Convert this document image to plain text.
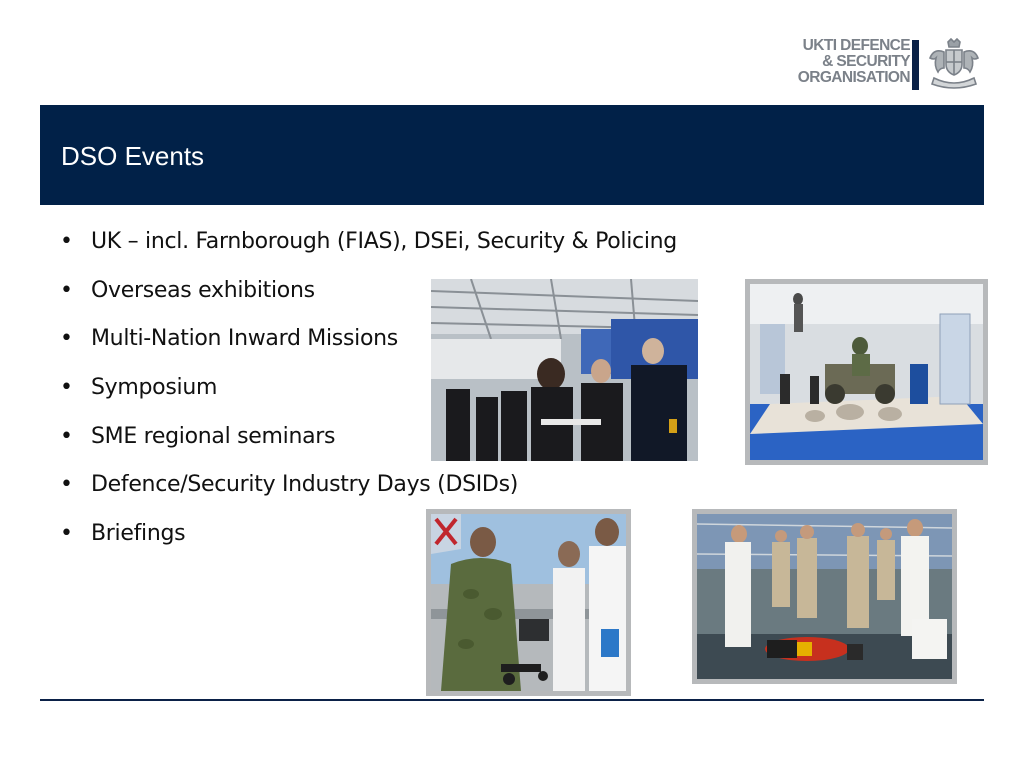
UKTI DEFENCE
& SECURITY
ORGANISATION
DSO Events
• UK – incl. Farnborough (FIAS), DSEi, Security & Policing
• Overseas exhibitions
• Multi-Nation Inward Missions
• Symposium
• SME regional seminars
• Defence/Security Industry Days (DSIDs)
• Briefings
